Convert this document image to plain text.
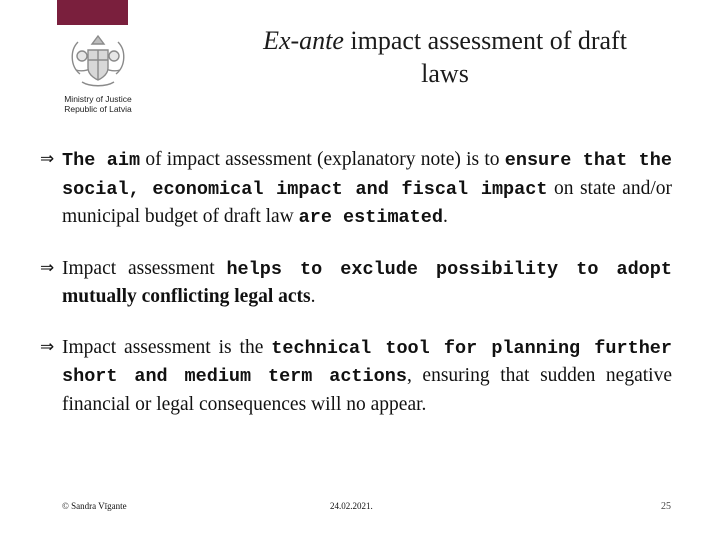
Ministry of Justice
Republic of Latvia
Ex-ante impact assessment of draft
laws
⇒ The aim of impact assessment (explanatory note) is to ensure that the social, economical impact and fiscal impact on state and/or municipal budget of draft law are estimated.
⇒ Impact assessment helps to exclude possibility to adopt mutually conflicting legal acts.
⇒ Impact assessment is the technical tool for planning further short and medium term actions, ensuring that sudden negative financial or legal consequences will no appear.
© Sandra Vīgante	24.02.2021.	25
